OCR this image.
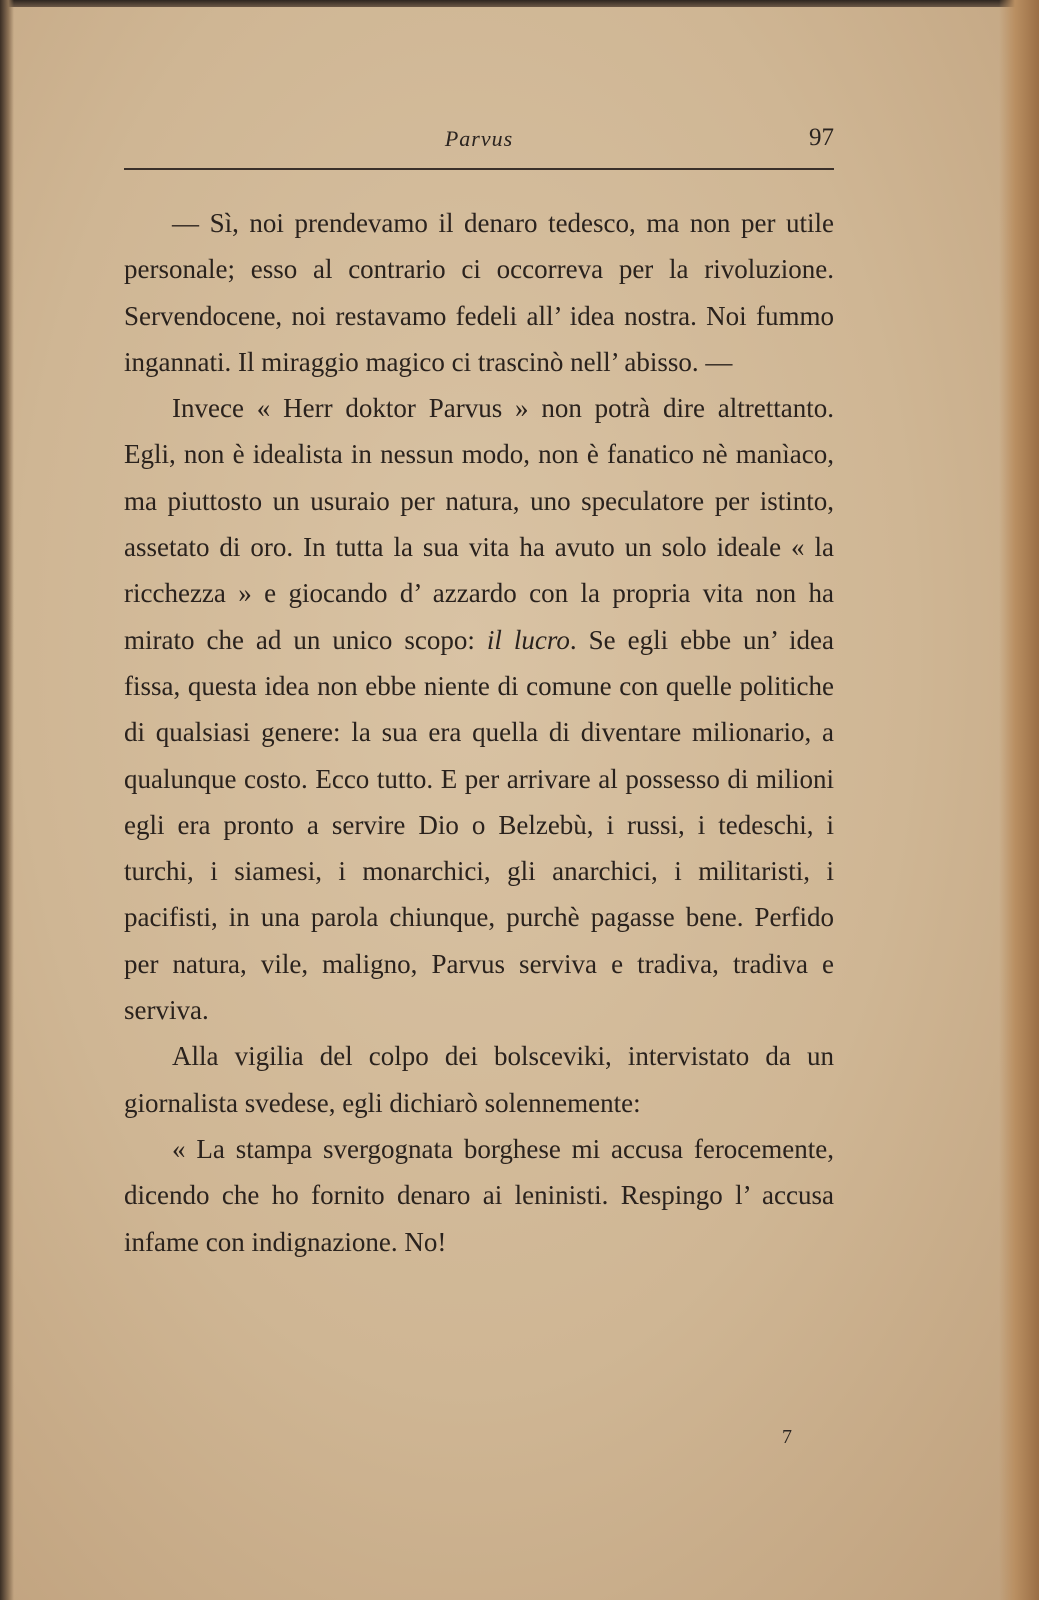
Parvus	97

— Sì, noi prendevamo il denaro tedesco, ma non per utile personale; esso al contrario ci occorreva per la rivoluzione. Servendocene, noi restavamo fedeli all’ idea nostra. Noi fummo ingannati. Il miraggio magico ci trascinò nell’ abisso. —

Invece « Herr doktor Parvus » non potrà dire altrettanto. Egli, non è idealista in nessun modo, non è fanatico nè manìaco, ma piuttosto un usuraio per natura, uno speculatore per istinto, assetato di oro. In tutta la sua vita ha avuto un solo ideale « la ricchezza » e giocando d’ azzardo con la propria vita non ha mirato che ad un unico scopo: il lucro. Se egli ebbe un’ idea fissa, questa idea non ebbe niente di comune con quelle politiche di qualsiasi genere: la sua era quella di diventare milionario, a qualunque costo. Ecco tutto. E per arrivare al possesso di milioni egli era pronto a servire Dio o Belzebù, i russi, i tedeschi, i turchi, i siamesi, i monarchici, gli anarchici, i militaristi, i pacifisti, in una parola chiunque, purchè pagasse bene. Perfido per natura, vile, maligno, Parvus serviva e tradiva, tradiva e serviva.

Alla vigilia del colpo dei bolsceviki, intervistato da un giornalista svedese, egli dichiarò solennemente:

« La stampa svergognata borghese mi accusa ferocemente, dicendo che ho fornito denaro ai leninisti. Respingo l’ accusa infame con indignazione. No!

7
